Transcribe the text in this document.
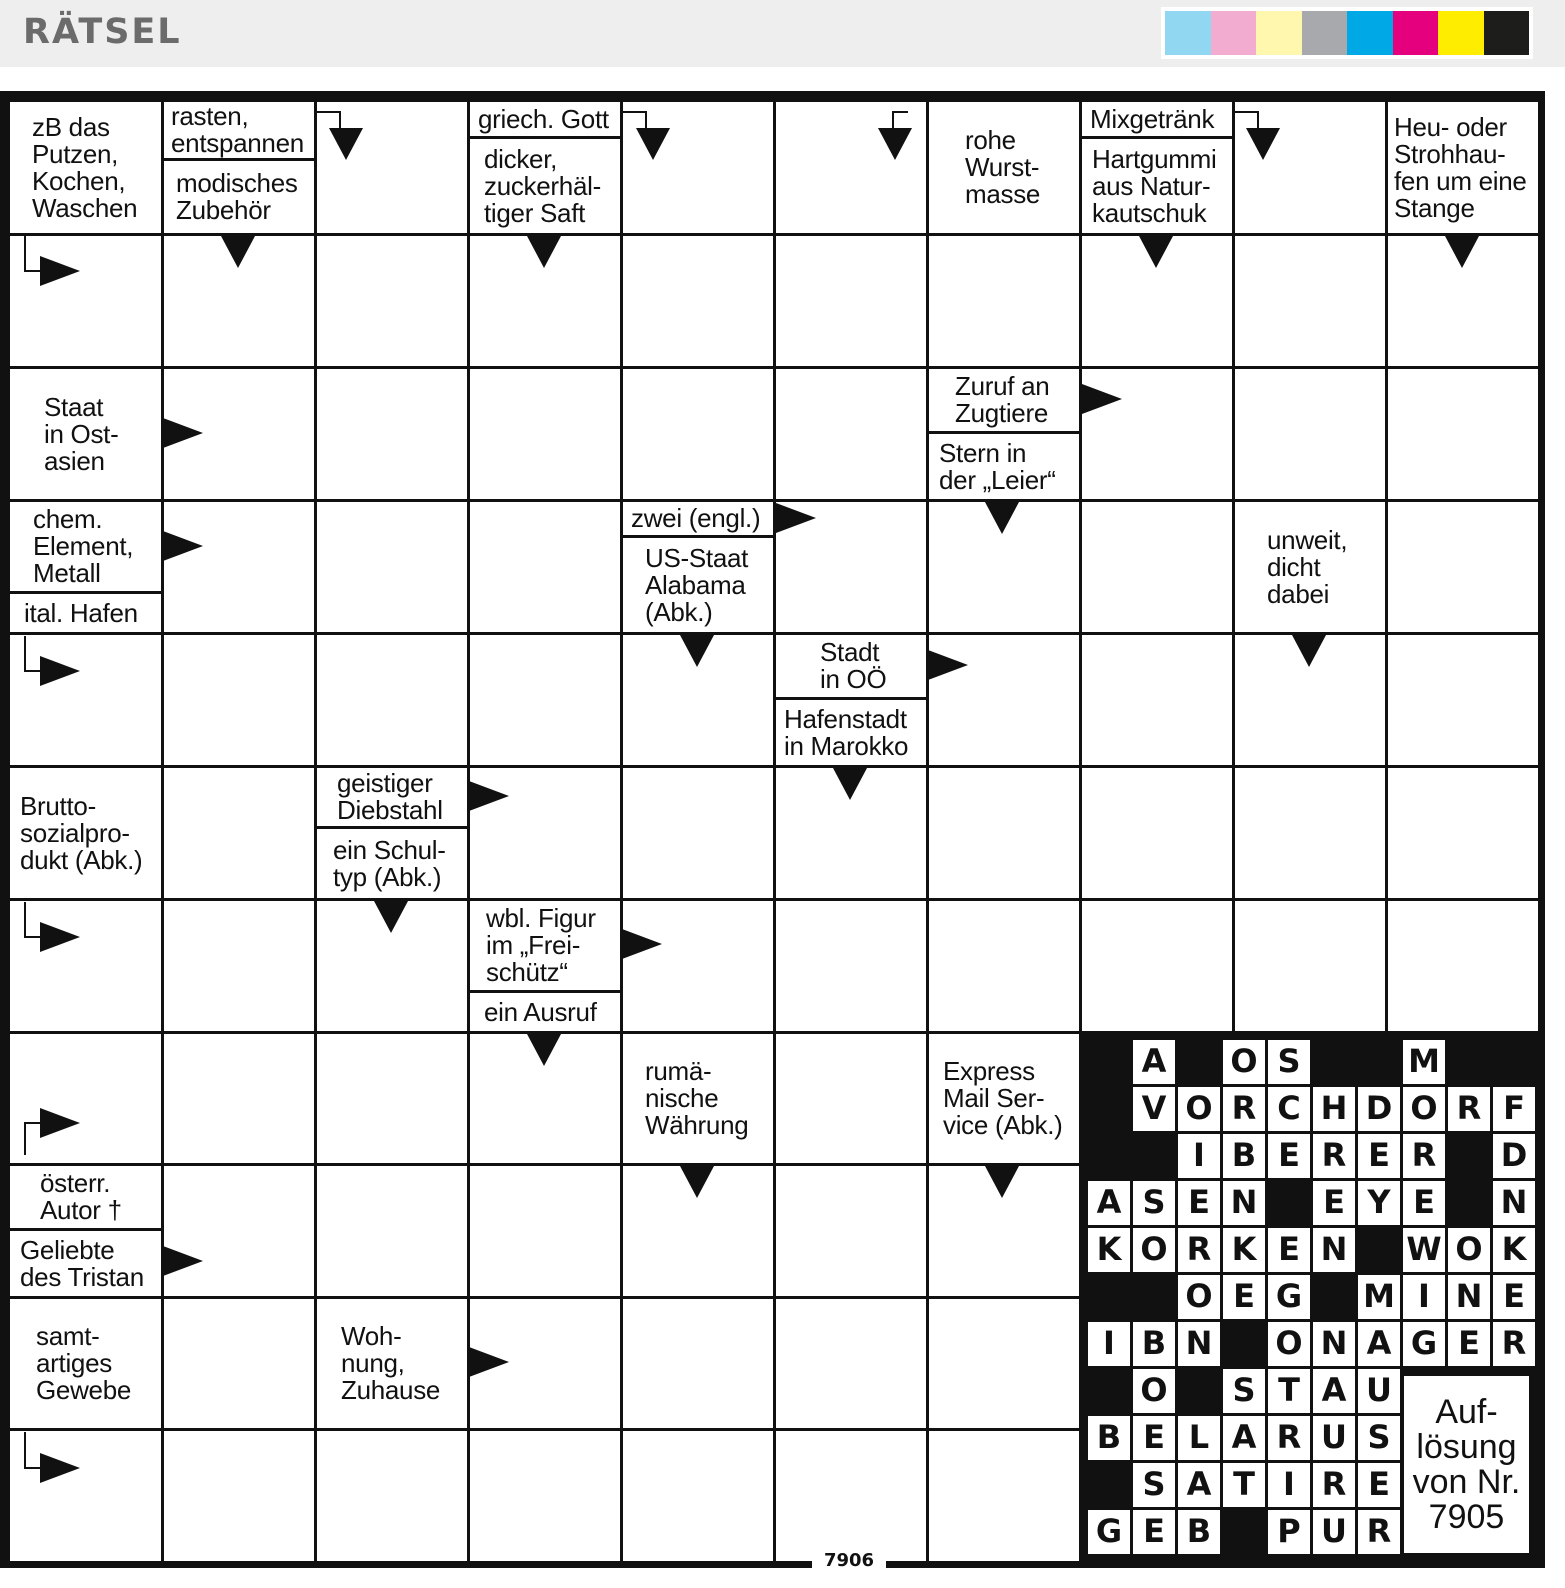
RÄTSEL
zB das
Putzen,
Kochen,
Waschen
rasten,
entspannen
modisches
Zubehör
griech. Gott
dicker,
zuckerhäl-
tiger Saft
rohe
Wurst-
masse
Mixgetränk
Hartgummi
aus Natur-
kautschuk
Heu- oder
Strohhau-
fen um eine
Stange
Staat
in Ost-
asien
Zuruf an
Zugtiere
Stern in
der „Leier“
chem.
Element,
Metall
ital. Hafen
zwei (engl.)
US-Staat
Alabama
(Abk.)
unweit,
dicht
dabei
Stadt
in OÖ
Hafenstadt
in Marokko
Brutto-
sozialpro-
dukt (Abk.)
geistiger
Diebstahl
ein Schul-
typ (Abk.)
wbl. Figur
im „Frei-
schütz“
ein Ausruf
rumä-
nische
Währung
Express
Mail Ser-
vice (Abk.)
österr.
Autor †
Geliebte
des Tristan
samt-
artiges
Gewebe
Woh-
nung,
Zuhause
A O S	M
V O R C H D O R F
I B E R E R D
A S E N	E Y E	N
K O R K E N W O K
O E G M I N E
I B N O N A G E R
O S T A U
B E L A R U S
S A T I R E
G E B P U R
Auf-
lösung
von Nr.
7905
7906
